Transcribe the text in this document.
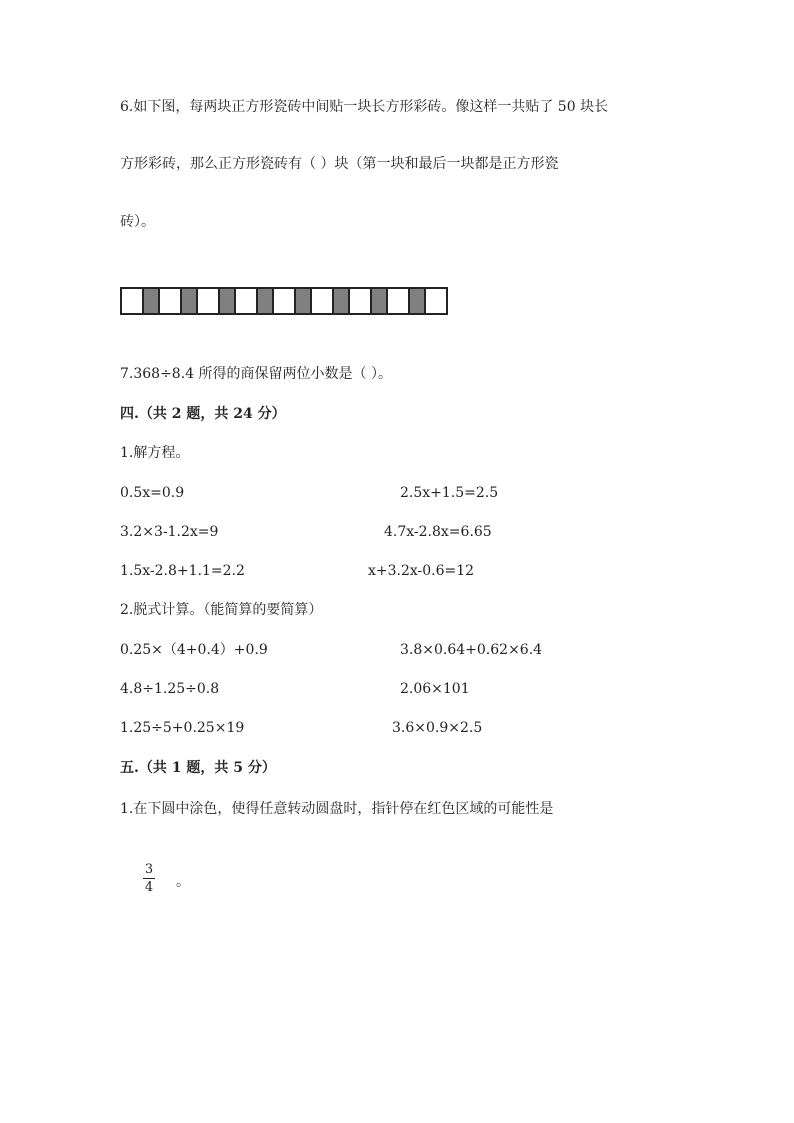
6.如下图，每两块正方形瓷砖中间贴一块长方形彩砖。像这样一共贴了 50 块长
方形彩砖，那么正方形瓷砖有（ ）块（第一块和最后一块都是正方形瓷
砖）。
7.368÷8.4 所得的商保留两位小数是（ ）。
四.（共 2 题，共 24 分）
1.解方程。
0.5x=0.9	2.5x+1.5=2.5
3.2×3-1.2x=9	4.7x-2.8x=6.65
1.5x-2.8+1.1=2.2	x+3.2x-0.6=12
2.脱式计算。（能简算的要简算）
0.25×（4+0.4）+0.9	3.8×0.64+0.62×6.4
4.8÷1.25÷0.8	2.06×101
1.25÷5+0.25×19	3.6×0.9×2.5
五.（共 1 题，共 5 分）
1.在下圆中涂色，使得任意转动圆盘时，指针停在红色区域的可能性是
3
4 。
